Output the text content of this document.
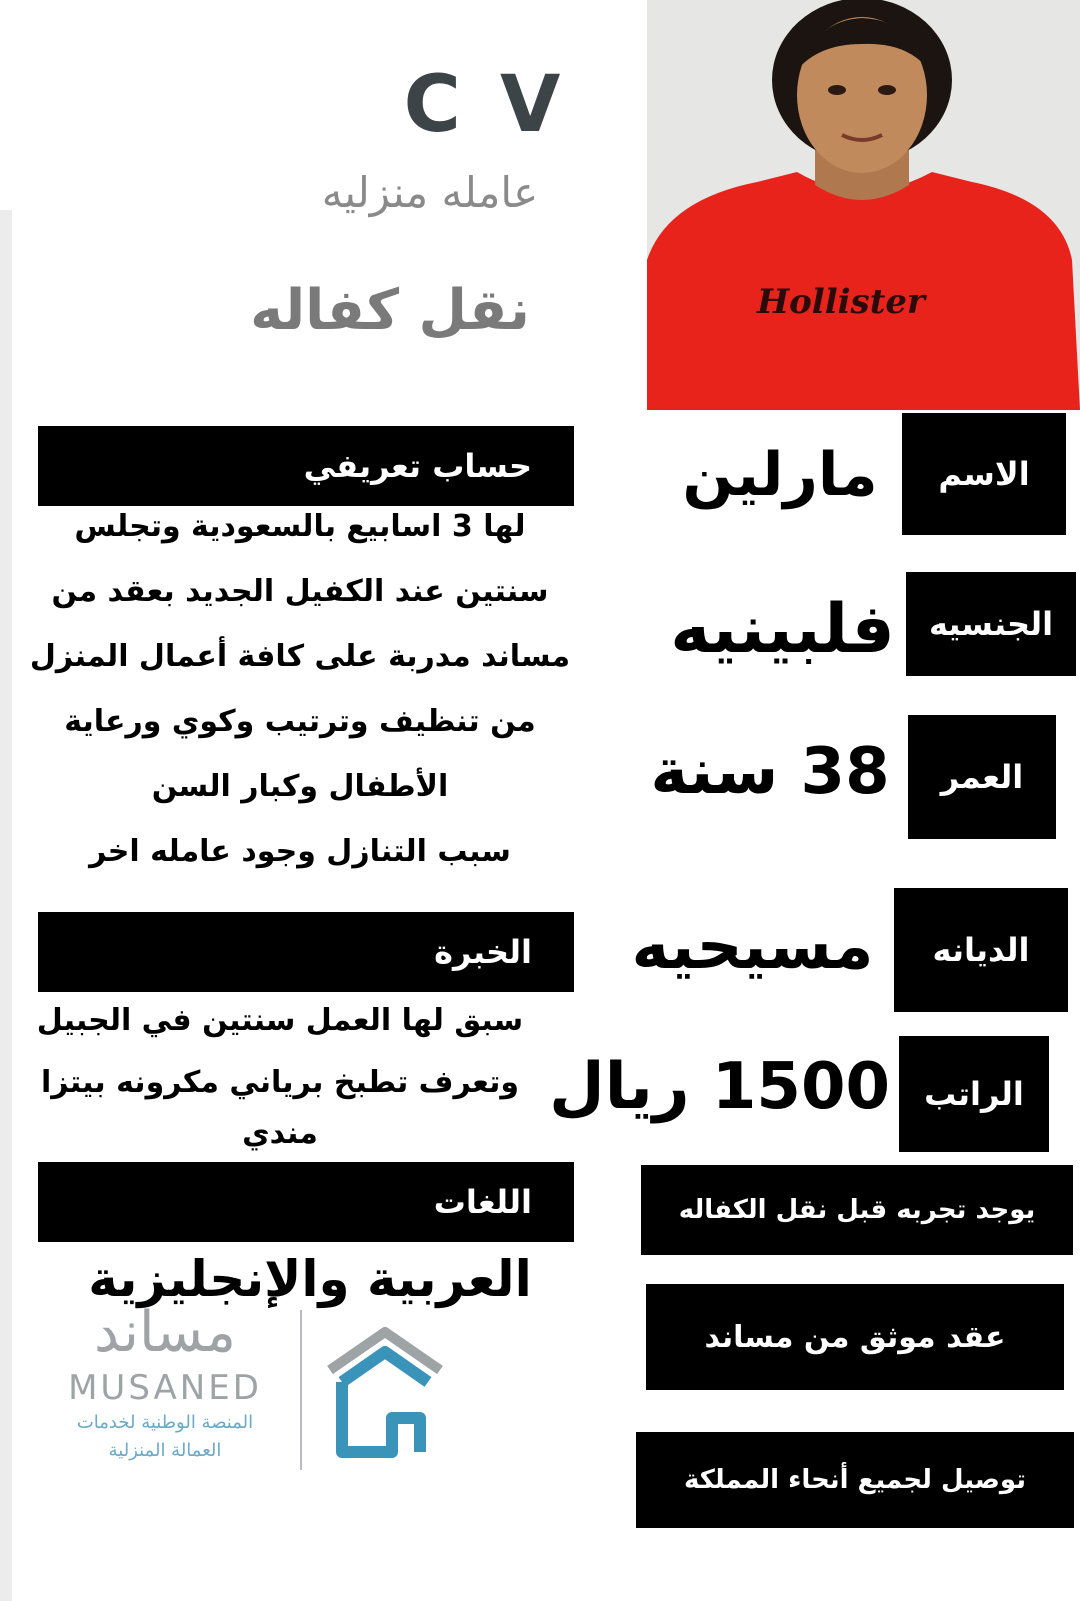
C V
عامله منزليه
نقل كفاله	Hollister
الاسم
الجنسيه
العمر
الديانه
الراتب
مارلين
فلبينيه
38 سنة
مسيحيه
1500 ريال
حساب تعريفي
لها 3 اسابيع بالسعودية وتجلس
سنتين عند الكفيل الجديد بعقد من
مساند مدربة على كافة أعمال المنزل
من تنظيف وترتيب وكوي ورعاية
الأطفال وكبار السن
سبب التنازل وجود عامله اخر
الخبرة
سبق لها العمل سنتين في الجبيل
وتعرف تطبخ برياني مكرونه بيتزا
مندي
اللغات
العربية والإنجليزية
يوجد تجربه قبل نقل الكفاله
عقد موثق من مساند
توصيل لجميع أنحاء المملكة
مساند
MUSANED
المنصة الوطنية لخدمات
العمالة المنزلية
